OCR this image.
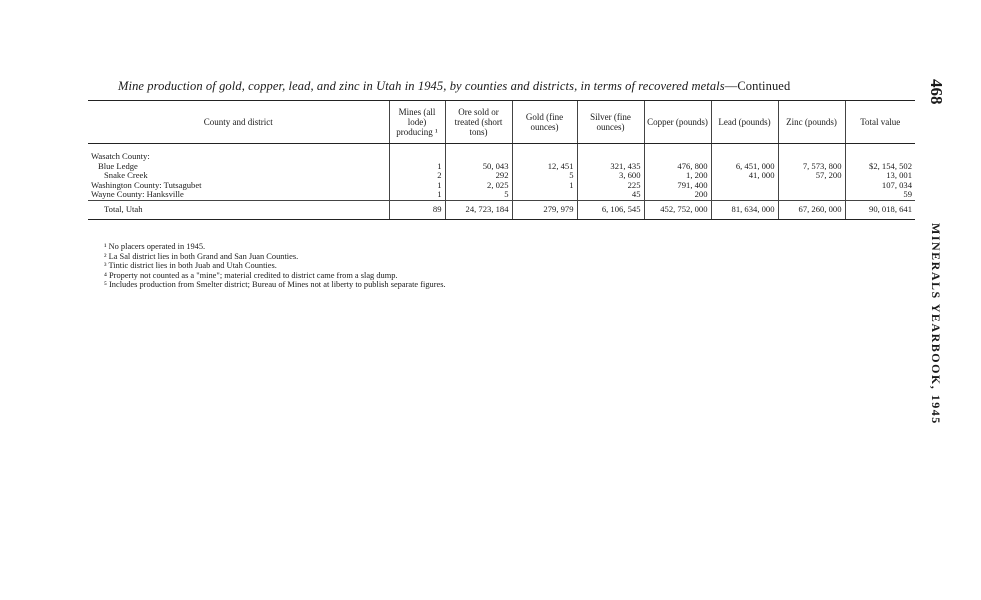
Mine production of gold, copper, lead, and zinc in Utah in 1945, by counties and districts, in terms of recovered metals—Continued	468
MINERALS YEARBOOK, 1945
County and district	Mines (all lode) producing ¹	Ore sold or treated (short tons)	Gold (fine ounces)	Silver (fine ounces)	Copper (pounds)	Lead (pounds)	Zinc (pounds)	Total value

Wasatch County:								
Blue Ledge	1	50, 043	12, 451	321, 435	476, 800	6, 451, 000	7, 573, 800	$2, 154, 502
Snake Creek	2	292	5	3, 600	1, 200	41, 000	57, 200	13, 001
Washington County: Tutsagubet	1	2, 025	1	225	791, 400			107, 034
Wayne County: Hanksville	1	5		45	200			59
Total, Utah	89	24, 723, 184	279, 979	6, 106, 545	452, 752, 000	81, 634, 000	67, 260, 000	90, 018, 641
¹ No placers operated in 1945.
² La Sal district lies in both Grand and San Juan Counties.
³ Tintic district lies in both Juab and Utah Counties.
⁴ Property not counted as a "mine"; material credited to district came from a slag dump.
⁵ Includes production from Smelter district; Bureau of Mines not at liberty to publish separate figures.
